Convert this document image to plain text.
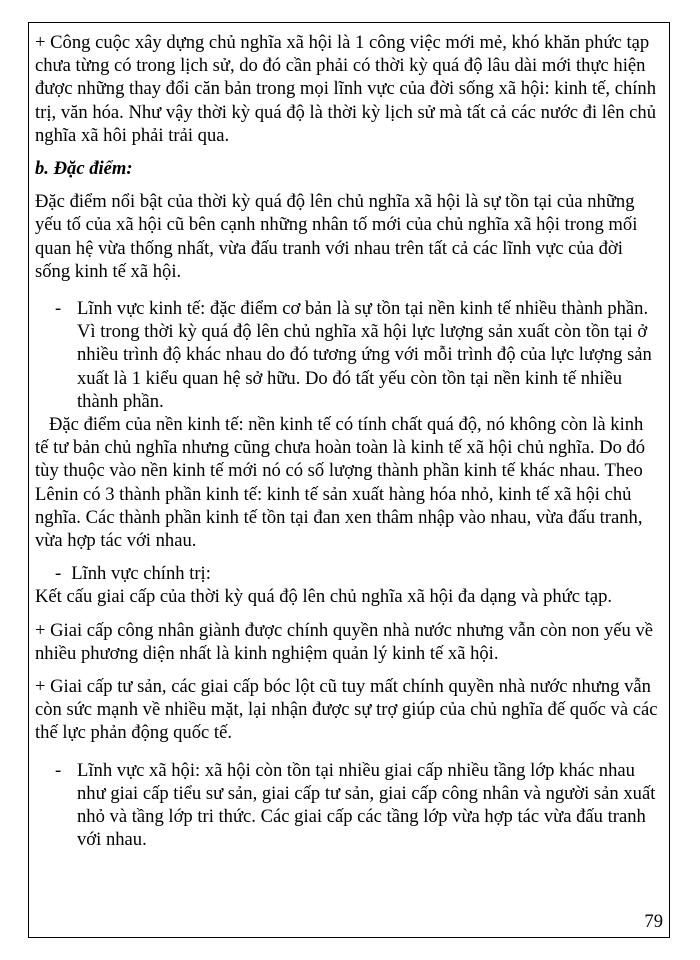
+ Công cuộc xây dựng chủ nghĩa xã hội là 1 công việc mới mẻ, khó khăn phức tạp chưa từng có trong lịch sử, do đó cần phải có thời kỳ quá độ lâu dài mới thực hiện được những thay đổi căn bản trong mọi lĩnh vực của đời sống xã hội: kinh tế, chính trị, văn hóa. Như vậy thời kỳ quá độ là thời kỳ lịch sử mà tất cả các nước đi lên chủ nghĩa xã hôi phải trải qua.

b. Đặc điểm:

Đặc điểm nổi bật của thời kỳ quá độ lên chủ nghĩa xã hội là sự tồn tại của những yếu tố của xã hội cũ bên cạnh những nhân tố mới của chủ nghĩa xã hội trong mối quan hệ vừa thống nhất, vừa đấu tranh với nhau trên tất cả các lĩnh vực của đời sống kinh tế xã hội.

- Lĩnh vực kinh tế: đặc điểm cơ bản là sự tồn tại nền kinh tế nhiều thành phần. Vì trong thời kỳ quá độ lên chủ nghĩa xã hội lực lượng sản xuất còn tồn tại ở nhiều trình độ khác nhau do đó tương ứng với mỗi trình độ của lực lượng sản xuất là 1 kiểu quan hệ sở hữu. Do đó tất yếu còn tồn tại nền kinh tế nhiều thành phần.

Đặc điểm của nền kinh tế: nền kinh tế có tính chất quá độ, nó không còn là kinh tế tư bản chủ nghĩa nhưng cũng chưa hoàn toàn là kinh tế xã hội chủ nghĩa. Do đó tùy thuộc vào nền kinh tế mới nó có số lượng thành phần kinh tế khác nhau. Theo Lênin có 3 thành phần kinh tế: kinh tế sản xuất hàng hóa nhỏ, kinh tế xã hội chủ nghĩa. Các thành phần kinh tế tồn tại đan xen thâm nhập vào nhau, vừa đấu tranh, vừa hợp tác với nhau.

- Lĩnh vực chính trị:

Kết cấu giai cấp của thời kỳ quá độ lên chủ nghĩa xã hội đa dạng và phức tạp.

+ Giai cấp công nhân giành được chính quyền nhà nước nhưng vẫn còn non yếu về nhiều phương diện nhất là kinh nghiệm quản lý kinh tế xã hội.

+ Giai cấp tư sản, các giai cấp bóc lột cũ tuy mất chính quyền nhà nước nhưng vẫn còn sức mạnh về nhiều mặt, lại nhận được sự trợ giúp của chủ nghĩa đế quốc và các thế lực phản động quốc tế.

- Lĩnh vực xã hội: xã hội còn tồn tại nhiều giai cấp nhiều tầng lớp khác nhau như giai cấp tiểu sư sản, giai cấp tư sản, giai cấp công nhân và người sản xuất nhỏ và tầng lớp tri thức. Các giai cấp các tầng lớp vừa hợp tác vừa đấu tranh với nhau.
79
